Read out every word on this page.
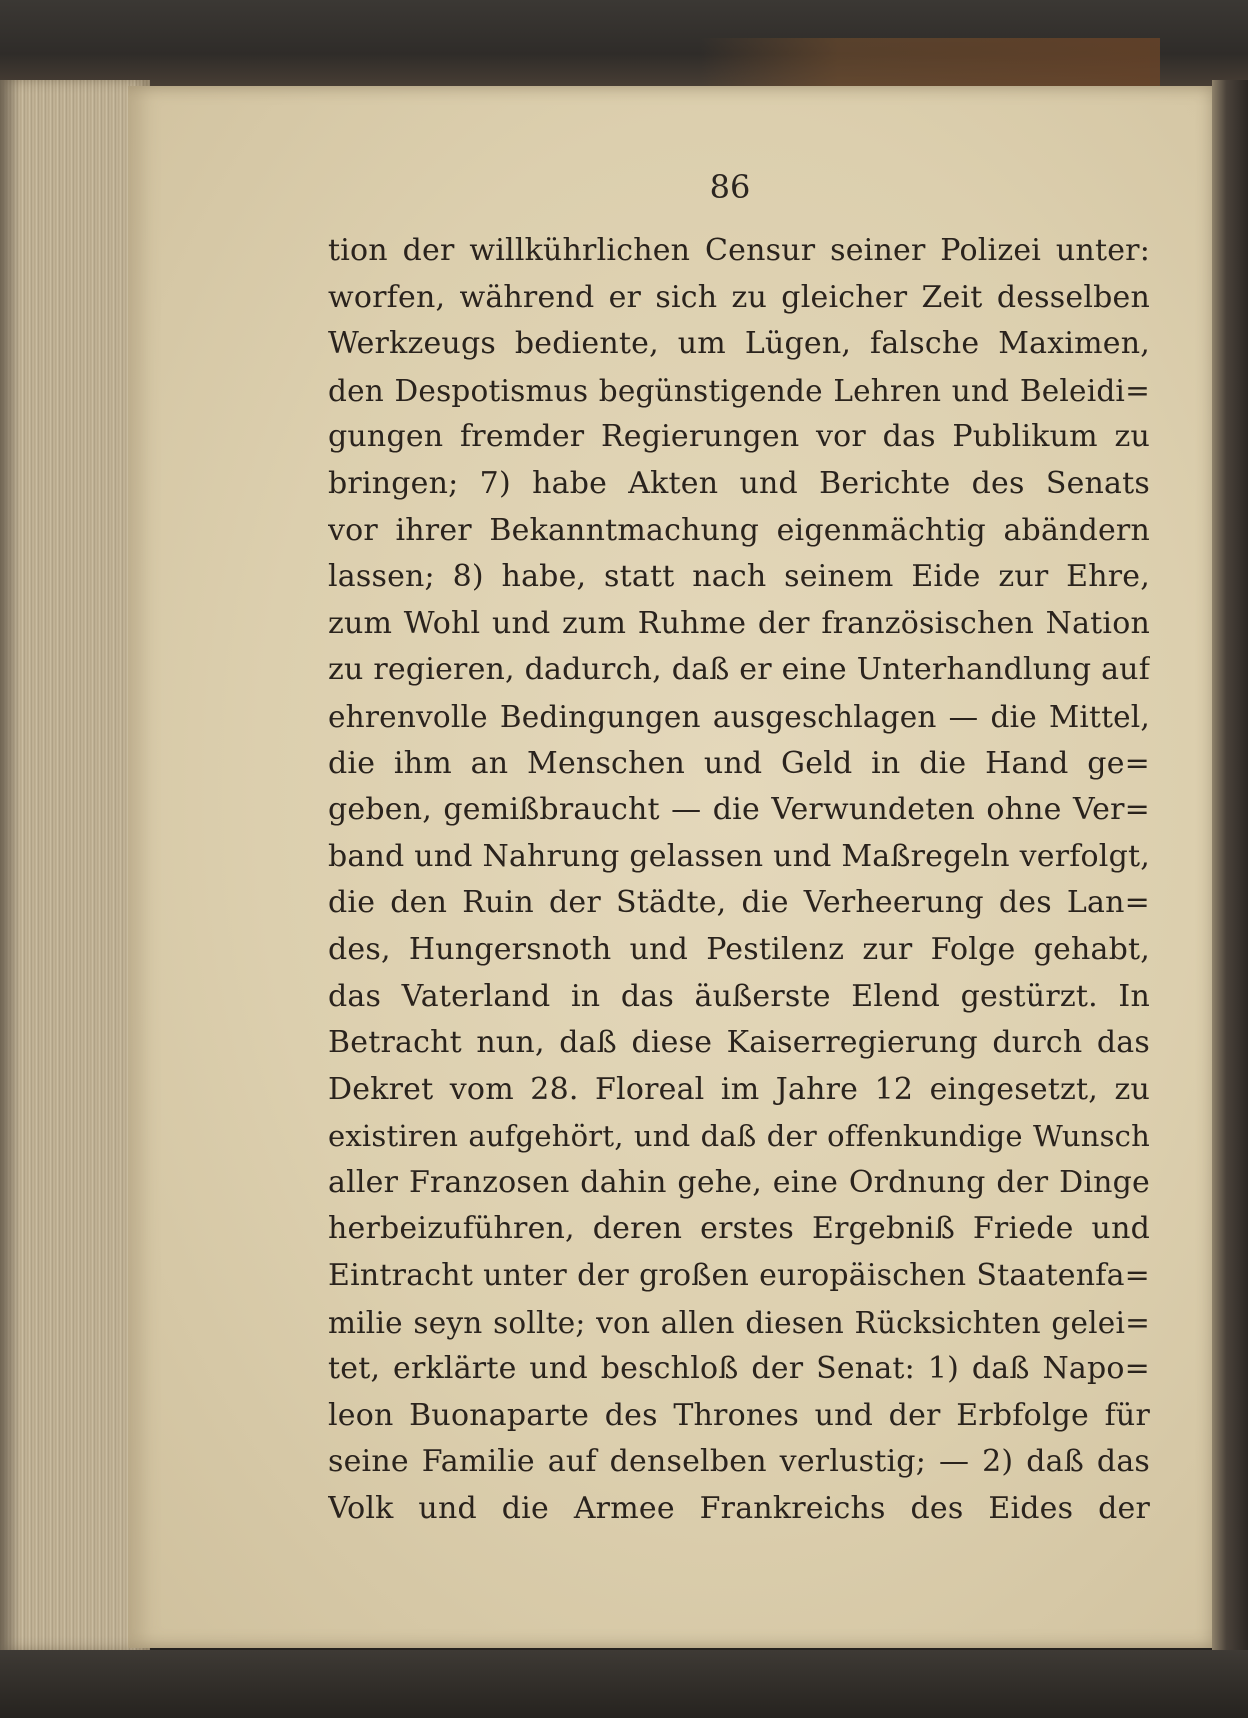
86
tion der willkührlichen Censur seiner Polizei unter:
worfen, während er sich zu gleicher Zeit desselben
Werkzeugs bediente, um Lügen, falsche Maximen,
den Despotismus begünstigende Lehren und Beleidi=
gungen fremder Regierungen vor das Publikum zu
bringen; 7) habe Akten und Berichte des Senats
vor ihrer Bekanntmachung eigenmächtig abändern
lassen; 8) habe, statt nach seinem Eide zur Ehre,
zum Wohl und zum Ruhme der französischen Nation
zu regieren, dadurch, daß er eine Unterhandlung auf
ehrenvolle Bedingungen ausgeschlagen — die Mittel,
die ihm an Menschen und Geld in die Hand ge=
geben, gemißbraucht — die Verwundeten ohne Ver=
band und Nahrung gelassen und Maßregeln verfolgt,
die den Ruin der Städte, die Verheerung des Lan=
des, Hungersnoth und Pestilenz zur Folge gehabt,
das Vaterland in das äußerste Elend gestürzt. In
Betracht nun, daß diese Kaiserregierung durch das
Dekret vom 28. Floreal im Jahre 12 eingesetzt, zu
existiren aufgehört, und daß der offenkundige Wunsch
aller Franzosen dahin gehe, eine Ordnung der Dinge
herbeizuführen, deren erstes Ergebniß Friede und
Eintracht unter der großen europäischen Staatenfa=
milie seyn sollte; von allen diesen Rücksichten gelei=
tet, erklärte und beschloß der Senat: 1) daß Napo=
leon Buonaparte des Thrones und der Erbfolge für
seine Familie auf denselben verlustig; — 2) daß das
Volk und die Armee Frankreichs des Eides der
